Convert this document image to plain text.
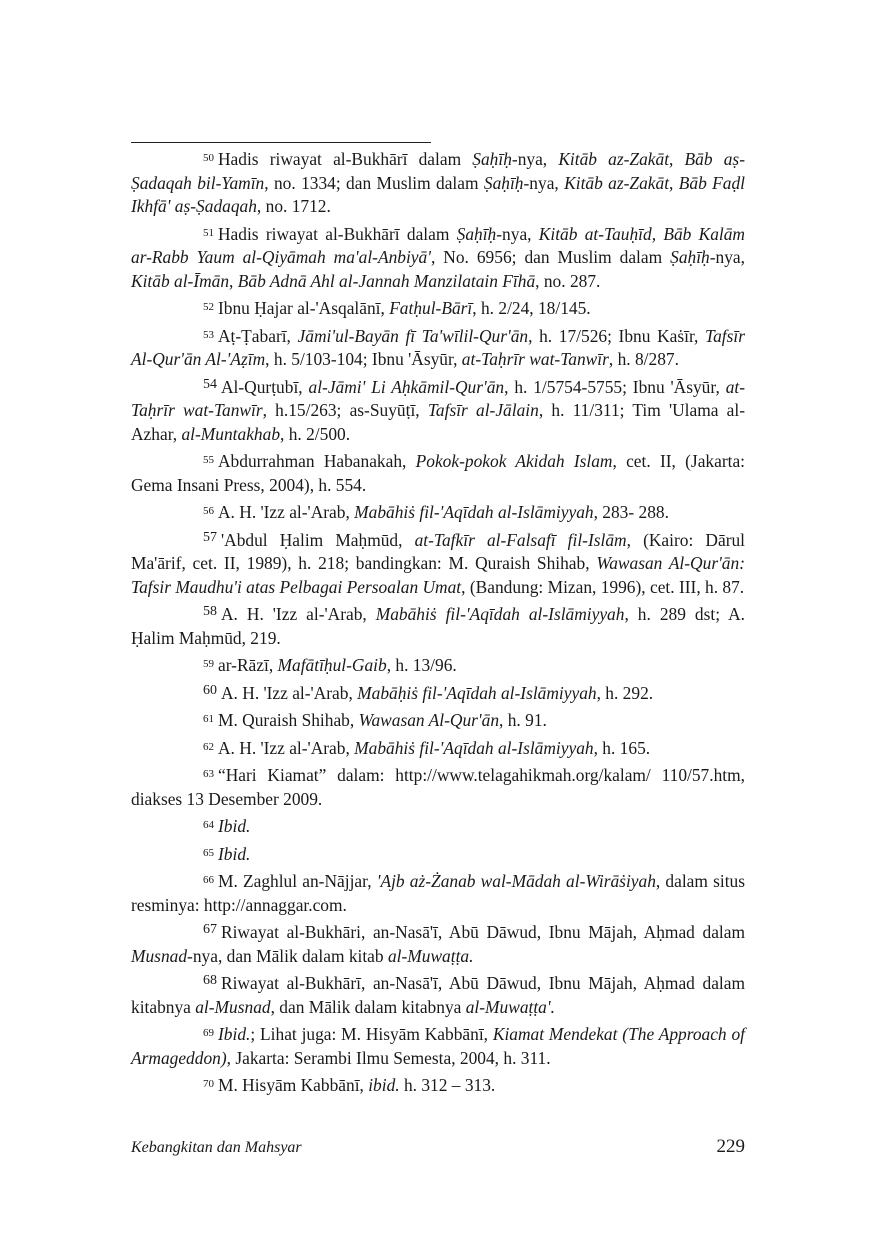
$^{50}$ Hadis riwayat al-Bukhārī dalam Ṣaḥīḥ-nya, Kitāb az-Zakāt, Bāb aṣ-Ṣadaqah bil-Yamīn, no. 1334; dan Muslim dalam Ṣaḥīḥ-nya, Kitāb az-Zakāt, Bāb Faḍl Ikhfā' aṣ-Ṣadaqah, no. 1712.

$^{51}$ Hadis riwayat al-Bukhārī dalam Ṣaḥīḥ-nya, Kitāb at-Tauḥīd, Bāb Kalām ar-Rabb Yaum al-Qiyāmah ma'al-Anbiyā', No. 6956; dan Muslim dalam Ṣaḥīḥ-nya, Kitāb al-Īmān, Bāb Adnā Ahl al-Jannah Manzilatain Fīhā, no. 287.

$^{52}$ Ibnu Ḥajar al-'Asqalānī, Fatḥul-Bārī, h. 2/24, 18/145.

$^{53}$ Aṭ-Ṭabarī, Jāmi'ul-Bayān fī Ta'wīlil-Qur'ān, h. 17/526; Ibnu Kaṡīr, Tafsīr Al-Qur'ān Al-'Aẓīm, h. 5/103-104; Ibnu 'Āsyūr, at-Taḥrīr wat-Tanwīr, h. 8/287.

$^{54}$ Al-Qurṭubī, al-Jāmi' Li Aḥkāmil-Qur'ān, h. 1/5754-5755; Ibnu 'Āsyūr, at-Taḥrīr wat-Tanwīr, h.15/263; as-Suyūṭī, Tafsīr al-Jālain, h. 11/311; Tim 'Ulama al-Azhar, al-Muntakhab, h. 2/500.

$^{55}$ Abdurrahman Habanakah, Pokok-pokok Akidah Islam, cet. II, (Jakarta: Gema Insani Press, 2004), h. 554.

$^{56}$ A. H. 'Izz al-'Arab, Mabāhiṡ fil-'Aqīdah al-Islāmiyyah, 283- 288.

$^{57}$ 'Abdul Ḥalim Maḥmūd, at-Tafkīr al-Falsafī fil-Islām, (Kairo: Dārul Ma'ārif, cet. II, 1989), h. 218; bandingkan: M. Quraish Shihab, Wawasan Al-Qur'ān: Tafsir Maudhu'i atas Pelbagai Persoalan Umat, (Bandung: Mizan, 1996), cet. III, h. 87.

$^{58}$ A. H. 'Izz al-'Arab, Mabāhiṡ fil-'Aqīdah al-Islāmiyyah, h. 289 dst; A. Ḥalim Maḥmūd, 219.

$^{59}$ ar-Rāzī, Mafātīḥul-Gaib, h. 13/96.

$^{60}$ A. H. 'Izz al-'Arab, Mabāḥiṡ fil-'Aqīdah al-Islāmiyyah, h. 292.

$^{61}$ M. Quraish Shihab, Wawasan Al-Qur'ān, h. 91.

$^{62}$ A. H. 'Izz al-'Arab, Mabāhiṡ fil-'Aqīdah al-Islāmiyyah, h. 165.

$^{63}$ “Hari Kiamat” dalam: http://www.telagahikmah.org/kalam/ 110/57.htm, diakses 13 Desember 2009.

$^{64}$ Ibid.

$^{65}$ Ibid.

$^{66}$ M. Zaghlul an-Nājjar, 'Ajb aż-Żanab wal-Mādah al-Wirāṡiyah, dalam situs resminya: http://annaggar.com.

$^{67}$ Riwayat al-Bukhāri, an-Nasā'ī, Abū Dāwud, Ibnu Mājah, Aḥmad dalam Musnad-nya, dan Mālik dalam kitab al-Muwaṭṭa.

$^{68}$ Riwayat al-Bukhārī, an-Nasā'ī, Abū Dāwud, Ibnu Mājah, Aḥmad dalam kitabnya al-Musnad, dan Mālik dalam kitabnya al-Muwaṭṭa'.

$^{69}$ Ibid.; Lihat juga: M. Hisyām Kabbānī, Kiamat Mendekat (The Approach of Armageddon), Jakarta: Serambi Ilmu Semesta, 2004, h. 311.

$^{70}$ M. Hisyām Kabbānī, ibid. h. 312 – 313.

Kebangkitan dan Mahsyar	229
